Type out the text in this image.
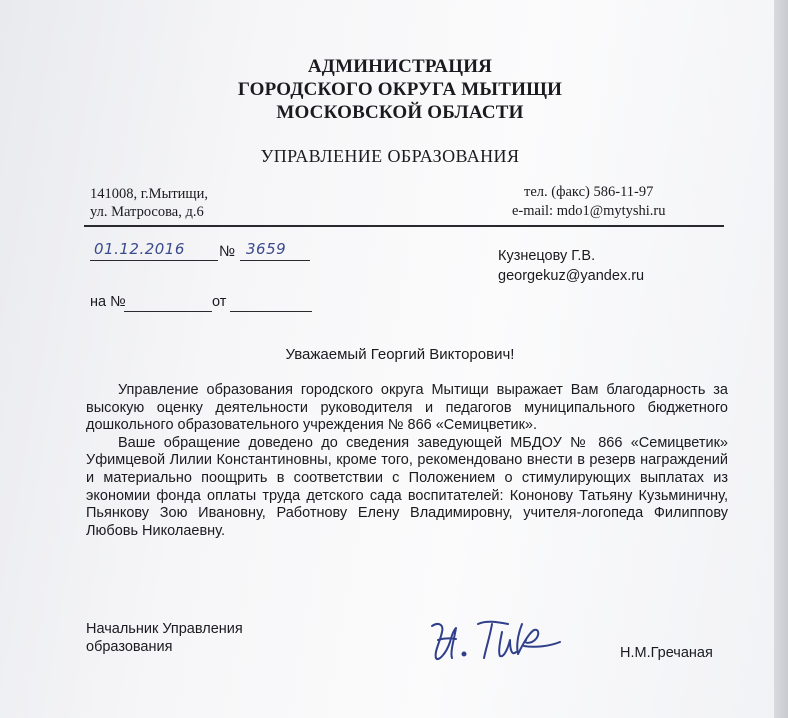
АДМИНИСТРАЦИЯ
ГОРОДСКОГО ОКРУГА МЫТИЩИ
МОСКОВСКОЙ ОБЛАСТИ
УПРАВЛЕНИЕ ОБРАЗОВАНИЯ
141008, г.Мытищи,
ул. Матросова, д.6
тел. (факс) 586-11-97
e-mail: mdo1@mytyshi.ru
01.12.2016 № 3659	Кузнецову Г.В.
georgekuz@yandex.ru
на №	от
Уважаемый Георгий Викторович!

Управление образования городского округа Мытищи выражает Вам благодарность за высокую оценку деятельности руководителя и педагогов муниципального бюджетного дошкольного образовательного учреждения № 866 «Семицветик».

Ваше обращение доведено до сведения заведующей МБДОУ № 866 «Семицветик» Уфимцевой Лилии Константиновны, кроме того, рекомендовано внести в резерв награждений и материально поощрить в соответствии с Положением о стимулирующих выплатах из экономии фонда оплаты труда детского сада воспитателей: Кононову Татьяну Кузьминичну, Пьянкову Зою Ивановну, Работнову Елену Владимировну, учителя-логопеда Филиппову Любовь Николаевну.

Начальник Управления
образования	Н.М.Гречаная
